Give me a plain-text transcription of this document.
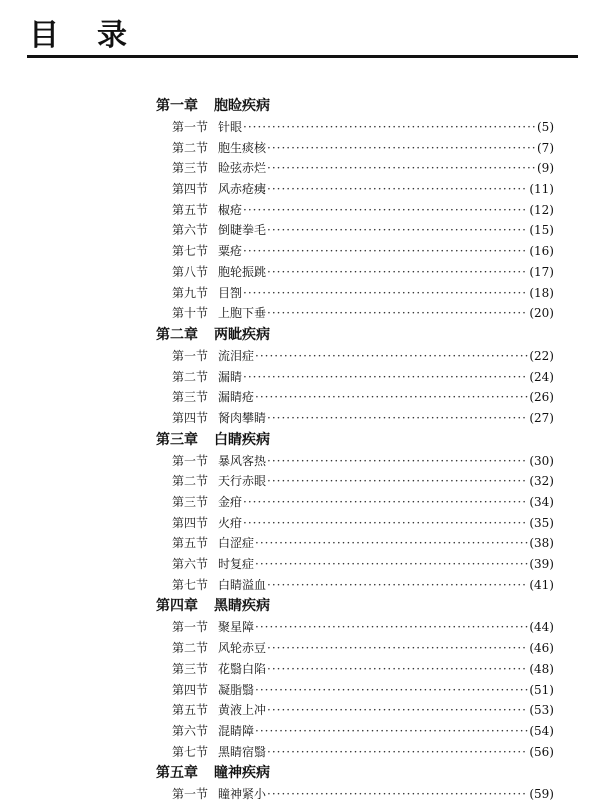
目录
第一章 胞睑疾病
第一节 针眼 ·····	(5)
第二节 胞生痰核 ·····	(7)
第三节 睑弦赤烂 ·····	(9)
第四节 风赤疮痍 ·····	(11)
第五节 椒疮 ·····	(12)
第六节 倒睫拳毛 ·····	(15)
第七节 粟疮 ·····	(16)
第八节 胞轮振跳 ·····	(17)
第九节 目劄 ·····	(18)
第十节 上胞下垂 ·····	(20)
第二章 两眦疾病
第一节 流泪症 ·····	(22)
第二节 漏睛 ·····	(24)
第三节 漏睛疮 ·····	(26)
第四节 胬肉攀睛 ·····	(27)
第三章 白睛疾病
第一节 暴风客热 ·····	(30)
第二节 天行赤眼 ·····	(32)
第三节 金疳 ·····	(34)
第四节 火疳 ·····	(35)
第五节 白涩症 ·····	(38)
第六节 时复症 ·····	(39)
第七节 白睛溢血 ·····	(41)
第四章 黑睛疾病
第一节 聚星障 ·····	(44)
第二节 风轮赤豆 ·····	(46)
第三节 花翳白陷 ·····	(48)
第四节 凝脂翳 ·····	(51)
第五节 黄液上冲 ·····	(53)
第六节 混睛障 ·····	(54)
第七节 黑睛宿翳 ·····	(56)
第五章 瞳神疾病
第一节 瞳神紧小 ·····	(59)
